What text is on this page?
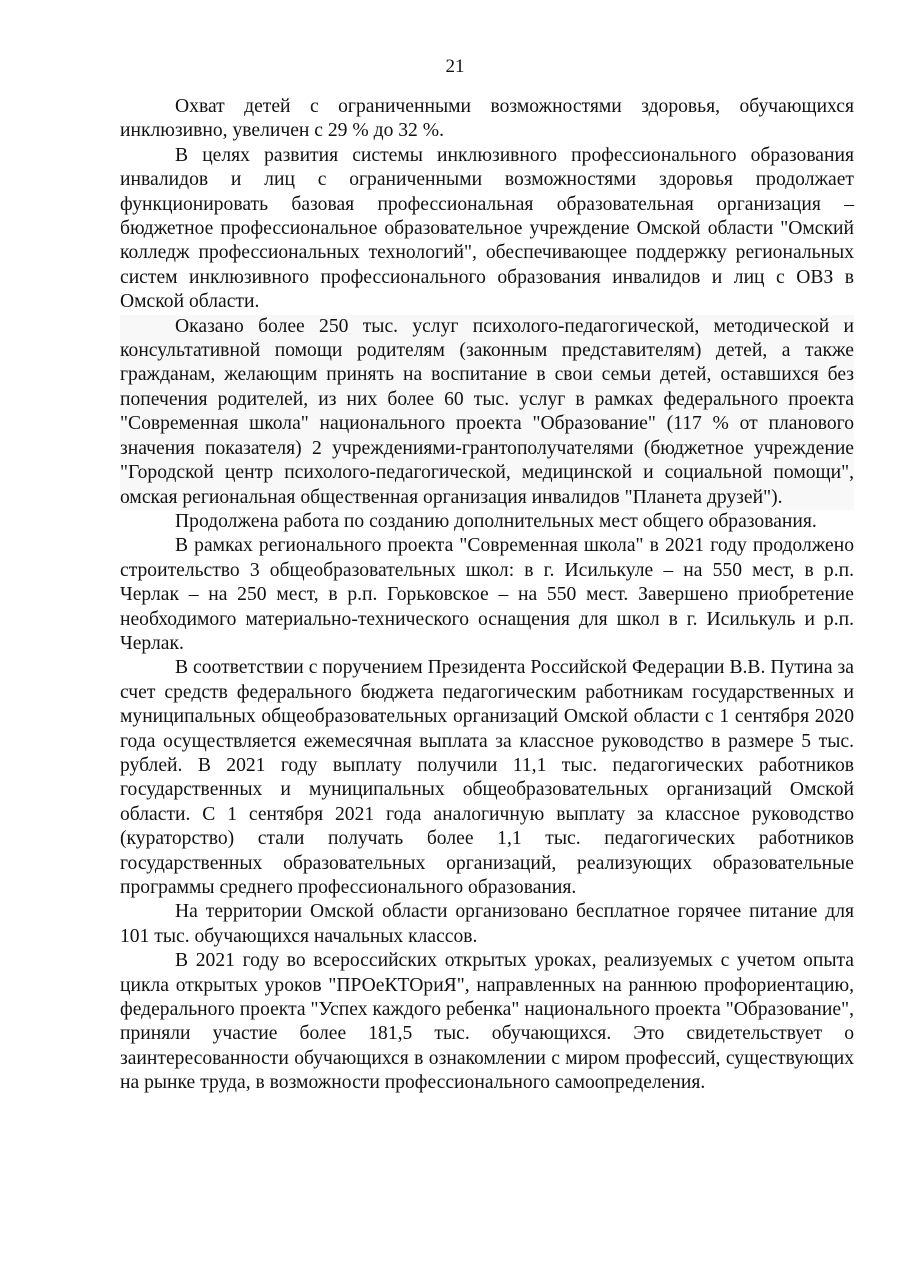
21

Охват детей с ограниченными возможностями здоровья, обучающихся инклюзивно, увеличен с 29 % до 32 %.

В целях развития системы инклюзивного профессионального образования инвалидов и лиц с ограниченными возможностями здоровья продолжает функционировать базовая профессиональная образовательная организация – бюджетное профессиональное образовательное учреждение Омской области "Омский колледж профессиональных технологий", обеспечивающее поддержку региональных систем инклюзивного профессионального образования инвалидов и лиц с ОВЗ в Омской области.

Оказано более 250 тыс. услуг психолого-педагогической, методической и консультативной помощи родителям (законным представителям) детей, а также гражданам, желающим принять на воспитание в свои семьи детей, оставшихся без попечения родителей, из них более 60 тыс. услуг в рамках федерального проекта "Современная школа" национального проекта "Образование" (117 % от планового значения показателя) 2 учреждениями-грантополучателями (бюджетное учреждение "Городской центр психолого-педагогической, медицинской и социальной помощи", омская региональная общественная организация инвалидов "Планета друзей").

Продолжена работа по созданию дополнительных мест общего образования.

В рамках регионального проекта "Современная школа" в 2021 году продолжено строительство 3 общеобразовательных школ: в г. Исилькуле – на 550 мест, в р.п. Черлак – на 250 мест, в р.п. Горьковское – на 550 мест. Завершено приобретение необходимого материально-технического оснащения для школ в г. Исилькуль и р.п. Черлак.

В соответствии с поручением Президента Российской Федерации В.В. Путина за счет средств федерального бюджета педагогическим работникам государственных и муниципальных общеобразовательных организаций Омской области с 1 сентября 2020 года осуществляется ежемесячная выплата за классное руководство в размере 5 тыс. рублей. В 2021 году выплату получили 11,1 тыс. педагогических работников государственных и муниципальных общеобразовательных организаций Омской области. С 1 сентября 2021 года аналогичную выплату за классное руководство (кураторство) стали получать более 1,1 тыс. педагогических работников государственных образовательных организаций, реализующих образовательные программы среднего профессионального образования.

На территории Омской области организовано бесплатное горячее питание для 101 тыс. обучающихся начальных классов.

В 2021 году во всероссийских открытых уроках, реализуемых с учетом опыта цикла открытых уроков "ПРОеКТОриЯ", направленных на раннюю профориентацию, федерального проекта "Успех каждого ребенка" национального проекта "Образование", приняли участие более 181,5 тыс. обучающихся. Это свидетельствует о заинтересованности обучающихся в ознакомлении с миром профессий, существующих на рынке труда, в возможности профессионального самоопределения.
